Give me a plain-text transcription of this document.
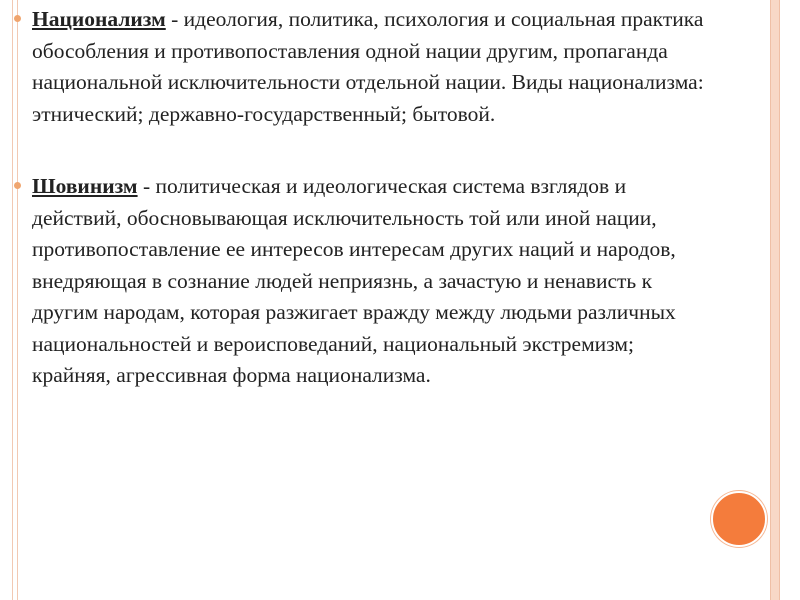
Национализм - идеология, политика, психология и социальная практика обособления и противопоставления одной нации другим, пропаганда национальной исключительности отдельной нации. Виды национализма: этнический; державно-государственный; бытовой.

Шовинизм - политическая и идеологическая система взглядов и действий, обосновывающая исключительность той или иной нации, противопоставление ее интересов интересам других наций и народов, внедряющая в сознание людей неприязнь, а зачастую и ненависть к другим народам, которая разжигает вражду между людьми различных национальностей и вероисповеданий, национальный экстремизм; крайняя, агрессивная форма национализма.
